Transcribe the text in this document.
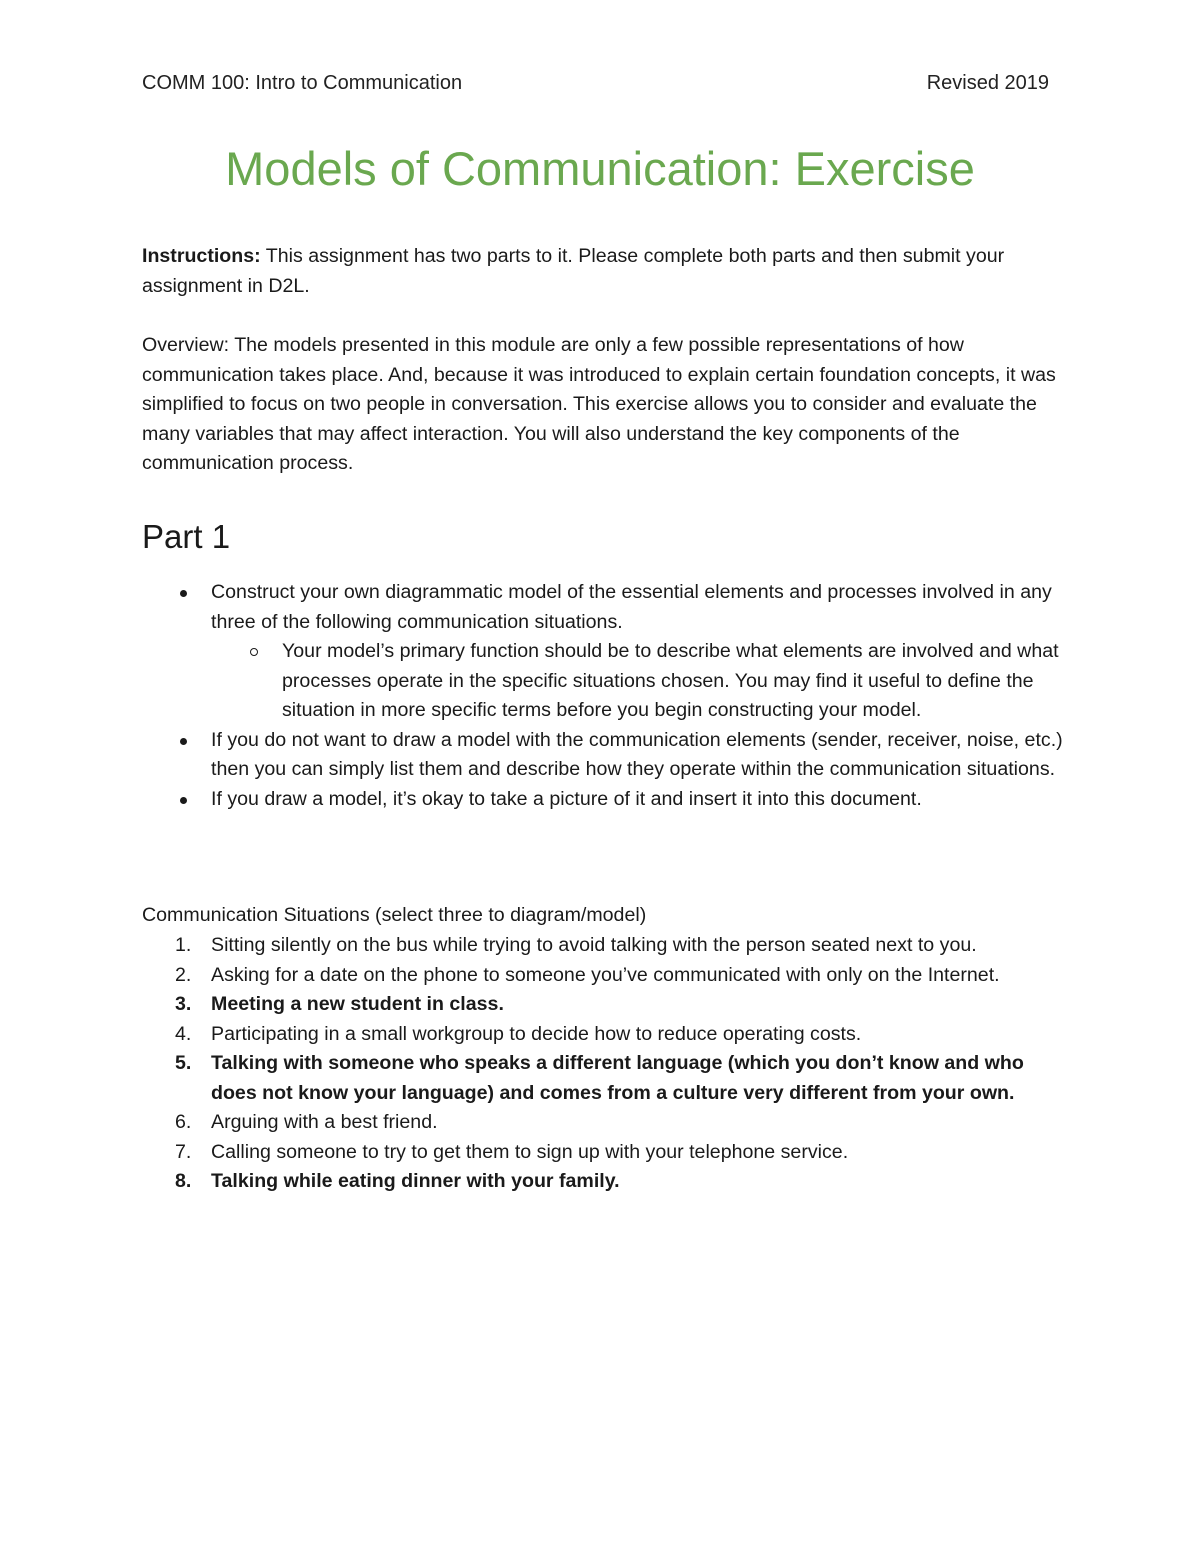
COMM 100: Intro to Communication	Revised 2019
Models of Communication: Exercise

Instructions: This assignment has two parts to it. Please complete both parts and then submit your assignment in D2L.

Overview: The models presented in this module are only a few possible representations of how communication takes place. And, because it was introduced to explain certain foundation concepts, it was simplified to focus on two people in conversation. This exercise allows you to consider and evaluate the many variables that may affect interaction. You will also understand the key components of the communication process.

Part 1
Construct your own diagrammatic model of the essential elements and processes involved in any three of the following communication situations.
Your model’s primary function should be to describe what elements are involved and what processes operate in the specific situations chosen. You may find it useful to define the situation in more specific terms before you begin constructing your model.
If you do not want to draw a model with the communication elements (sender, receiver, noise, etc.) then you can simply list them and describe how they operate within the communication situations.
If you draw a model, it’s okay to take a picture of it and insert it into this document.

Communication Situations (select three to diagram/model)

1. Sitting silently on the bus while trying to avoid talking with the person seated next to you.
2. Asking for a date on the phone to someone you’ve communicated with only on the Internet.
3. Meeting a new student in class.
4. Participating in a small workgroup to decide how to reduce operating costs.
5. Talking with someone who speaks a different language (which you don’t know and who does not know your language) and comes from a culture very different from your own.
6. Arguing with a best friend.
7. Calling someone to try to get them to sign up with your telephone service.
8. Talking while eating dinner with your family.
